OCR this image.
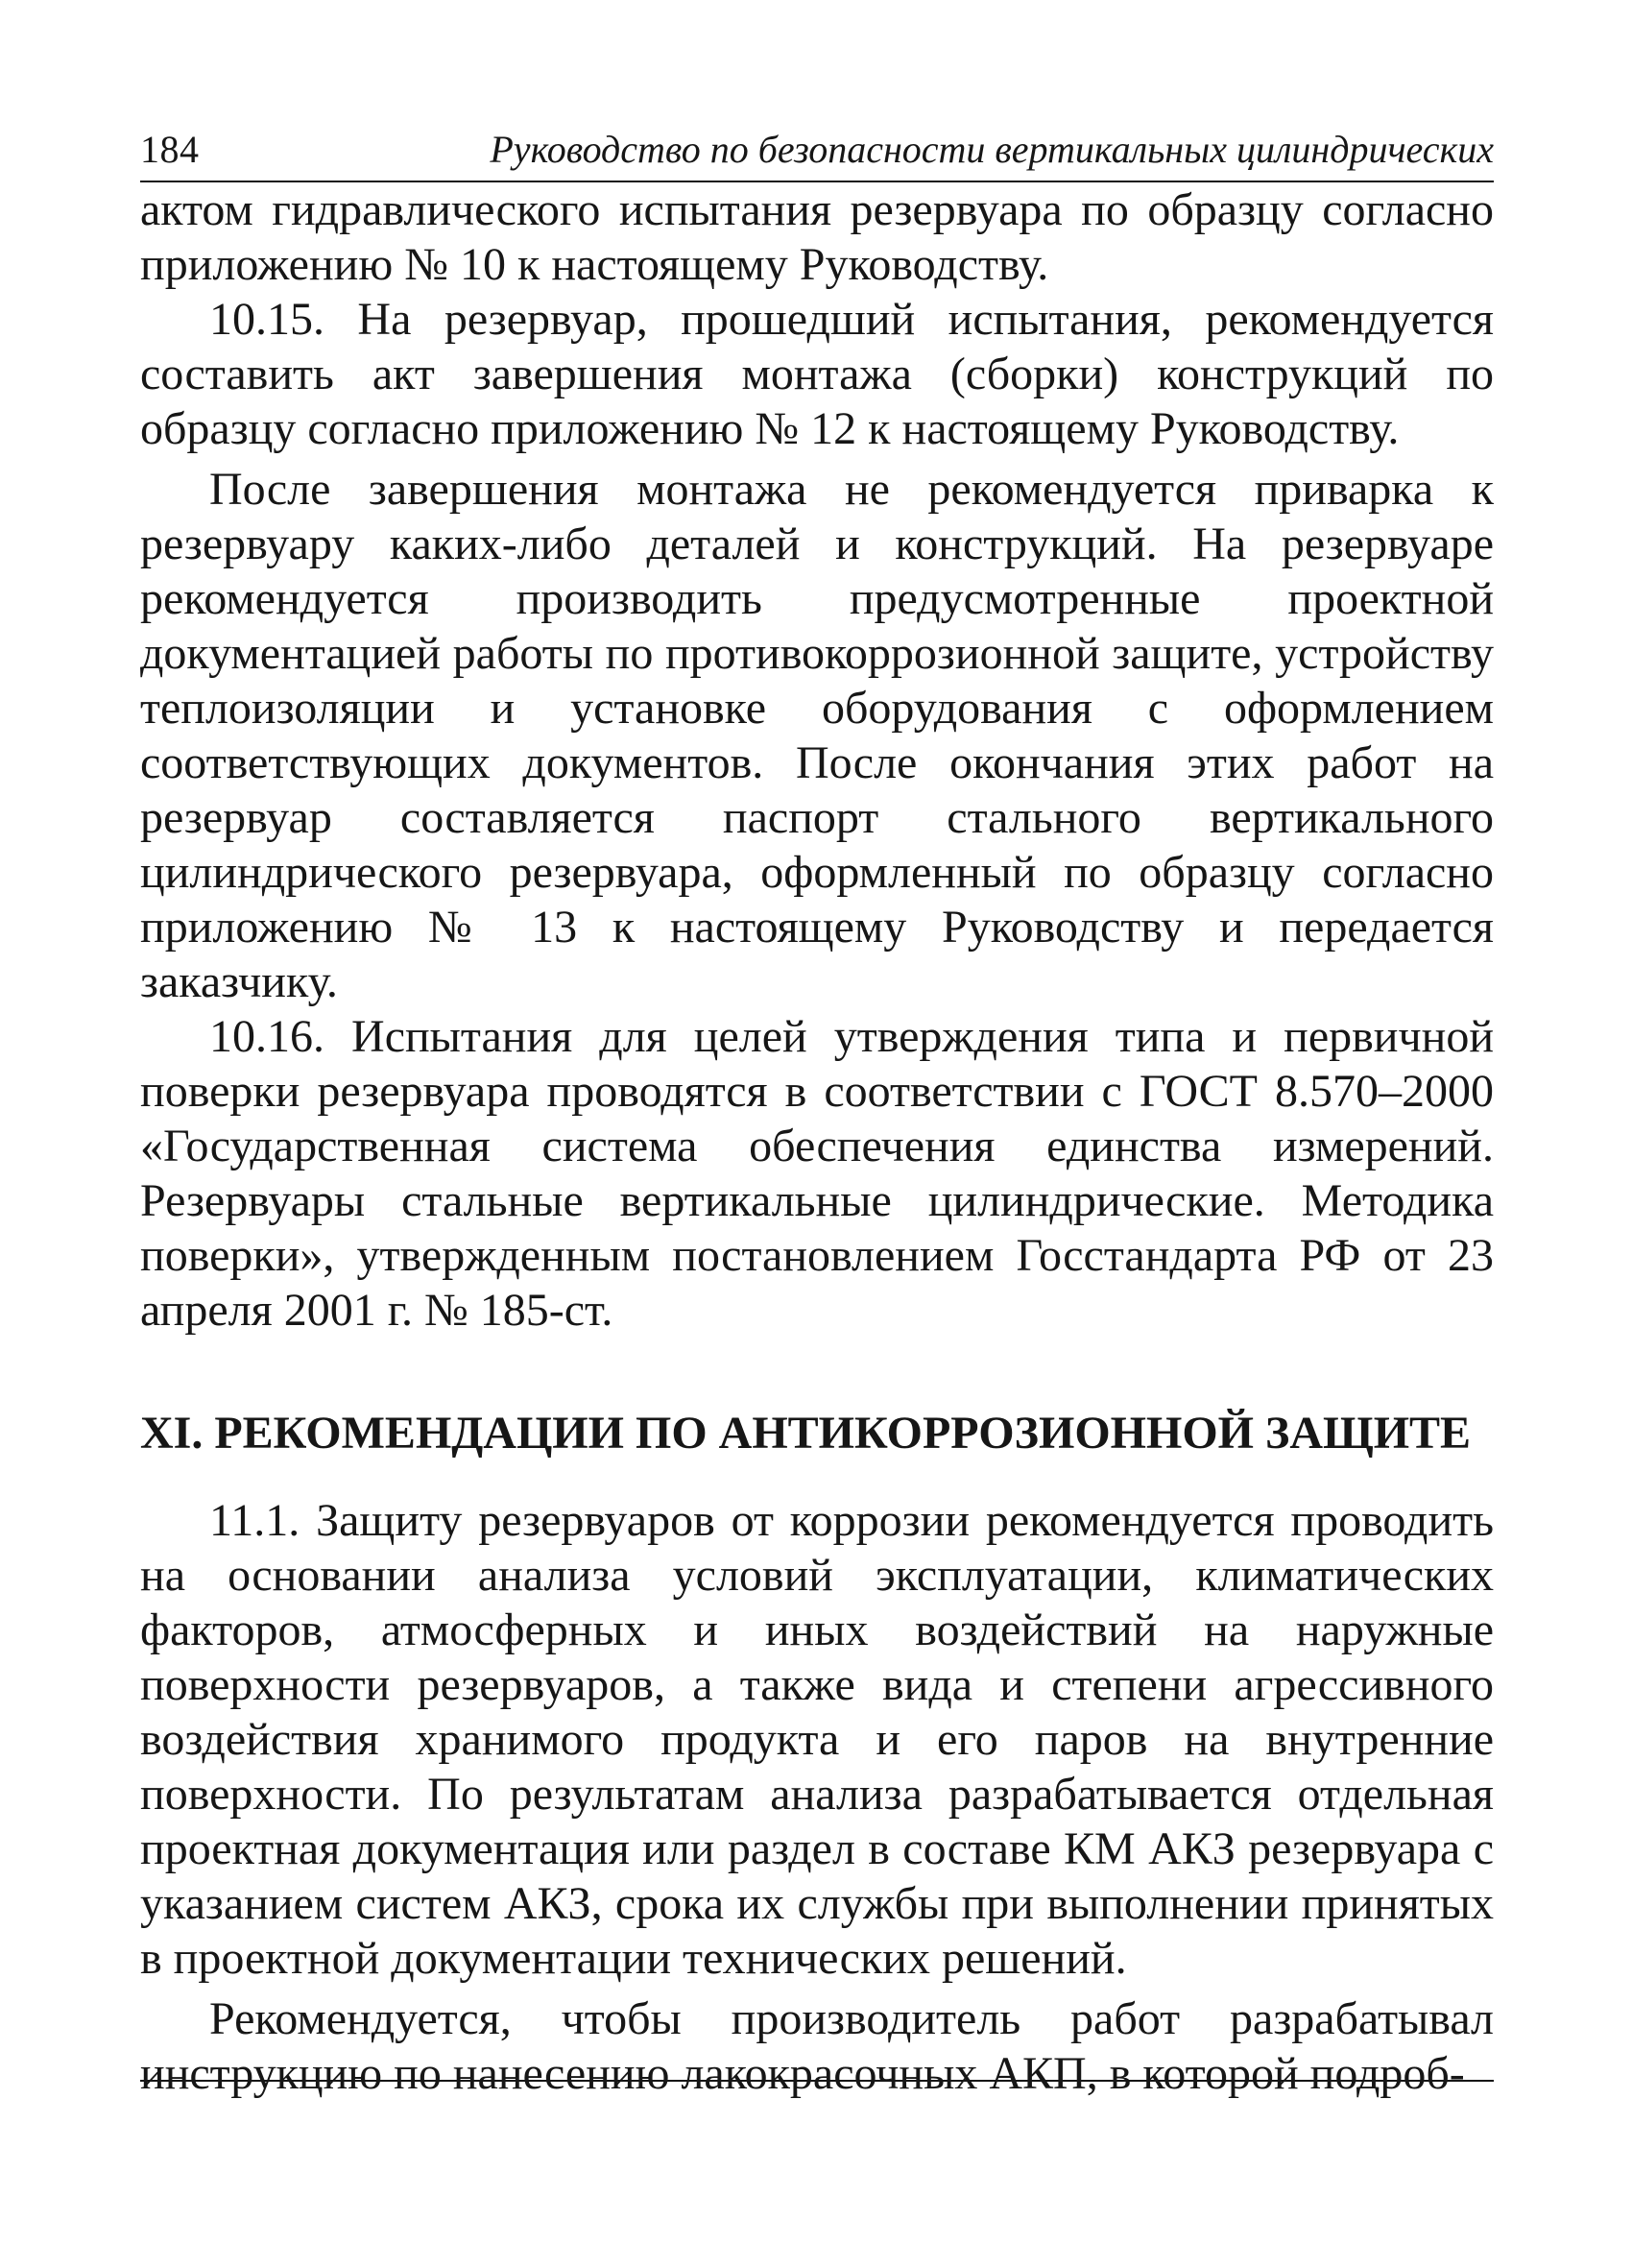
184	Руководство по безопасности вертикальных цилиндрических

актом гидравлического испытания резервуара по образцу согласно приложению № 10 к настоящему Руководству.

10.15. На резервуар, прошедший испытания, рекомендуется составить акт завершения монтажа (сборки) конструкций по образцу согласно приложению № 12 к настоящему Руководству.

После завершения монтажа не рекомендуется приварка к резервуару каких-либо деталей и конструкций. На резервуаре рекомендуется производить предусмотренные проектной документацией работы по противокоррозионной защите, устройству теплоизоляции и установке оборудования с оформлением соответствующих документов. После окончания этих работ на резервуар составляется паспорт стального вертикального цилиндрического резервуара, оформленный по образцу согласно приложению № 13 к настоящему Руководству и передается заказчику.

10.16. Испытания для целей утверждения типа и первичной поверки резервуара проводятся в соответствии с ГОСТ 8.570–2000 «Государственная система обеспечения единства измерений. Резервуары стальные вертикальные цилиндрические. Методика поверки», утвержденным постановлением Госстандарта РФ от 23 апреля 2001 г. № 185-ст.

XI. РЕКОМЕНДАЦИИ ПО АНТИКОРРОЗИОННОЙ ЗАЩИТЕ

11.1. Защиту резервуаров от коррозии рекомендуется проводить на основании анализа условий эксплуатации, климатических факторов, атмосферных и иных воздействий на наружные поверхности резервуаров, а также вида и степени агрессивного воздействия хранимого продукта и его паров на внутренние поверхности. По результатам анализа разрабатывается отдельная проектная документация или раздел в составе КМ АКЗ резервуара с указанием систем АКЗ, срока их службы при выполнении принятых в проектной документации технических решений.

Рекомендуется, чтобы производитель работ разрабатывал инструкцию по нанесению лакокрасочных АКП, в которой подроб-
